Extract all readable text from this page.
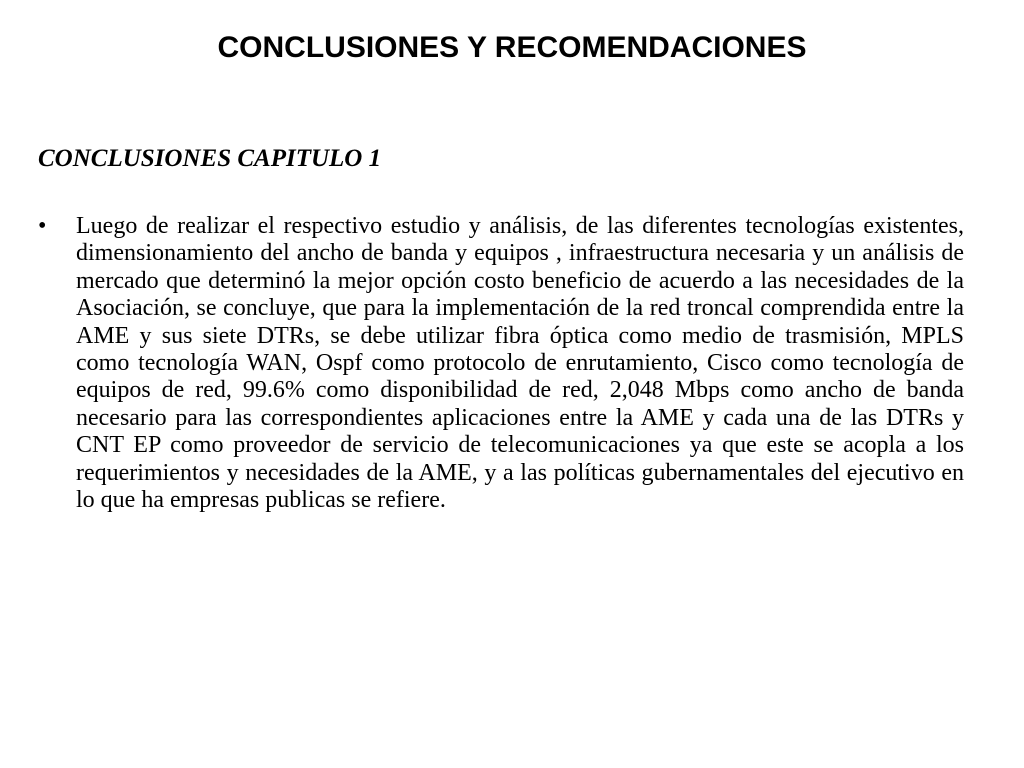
CONCLUSIONES Y RECOMENDACIONES
CONCLUSIONES CAPITULO 1
•	Luego de realizar el respectivo estudio y análisis, de las diferentes tecnologías existentes, dimensionamiento del ancho de banda y equipos , infraestructura necesaria y un análisis de mercado que determinó la mejor opción costo beneficio de acuerdo a las necesidades de la Asociación, se concluye, que para la implementación de la red troncal comprendida entre la AME y sus siete DTRs, se debe utilizar fibra óptica como medio de trasmisión, MPLS como tecnología WAN, Ospf como protocolo de enrutamiento, Cisco como tecnología de equipos de red, 99.6% como disponibilidad de red, 2,048 Mbps como ancho de banda necesario para las correspondientes aplicaciones entre la AME y cada una de las DTRs y CNT EP como proveedor de servicio de telecomunicaciones ya que este se acopla a los requerimientos y necesidades de la AME, y a las políticas gubernamentales del ejecutivo en lo que ha empresas publicas se refiere.
